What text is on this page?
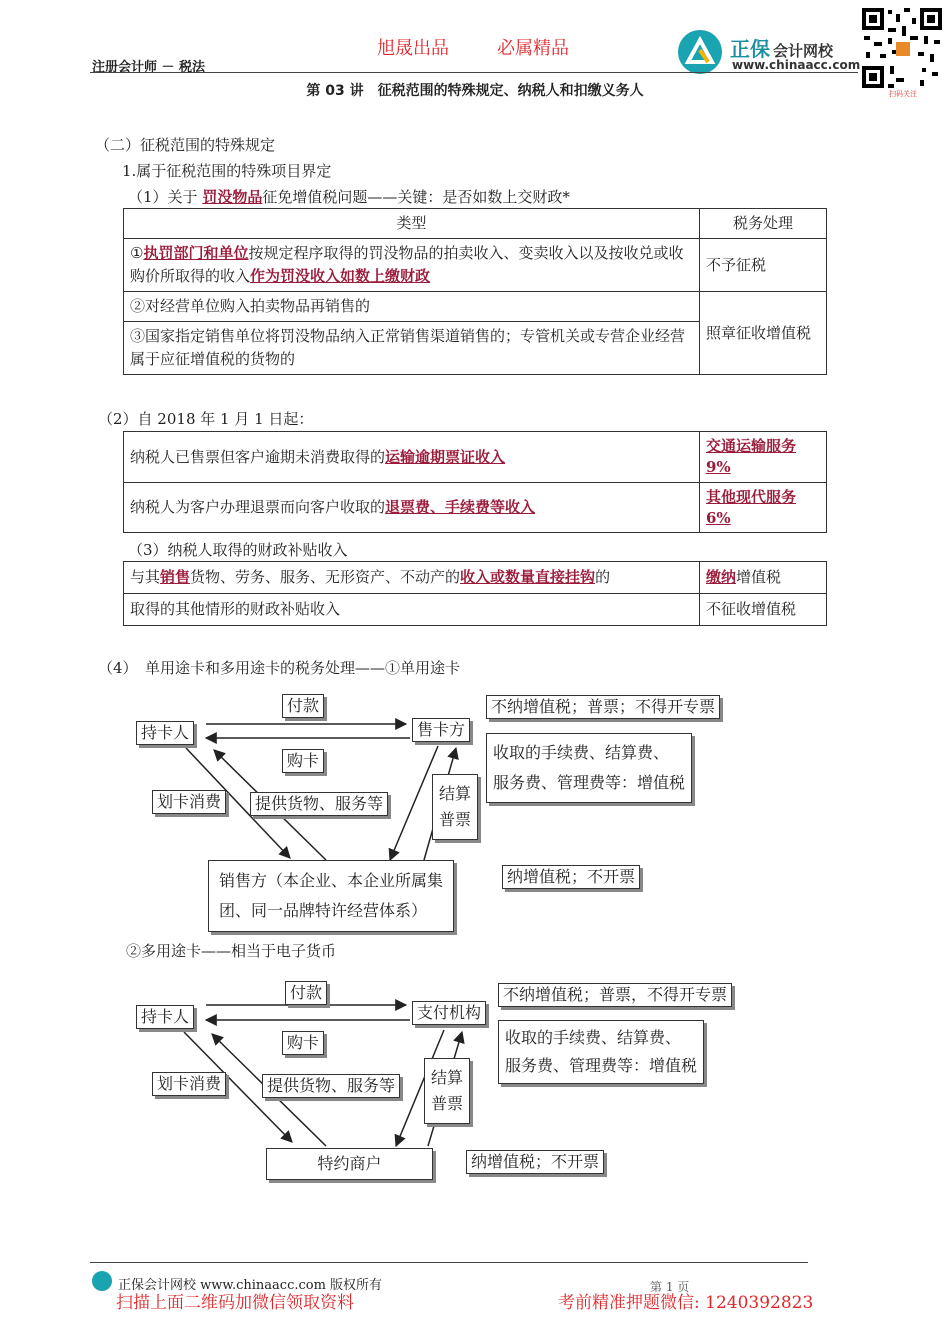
旭晟出品	必属精品
注册会计师 － 税法
正保 会计网校
www.chinaacc.com
扫码关注
第 03 讲　征税范围的特殊规定、纳税人和扣缴义务人
（二）征税范围的特殊规定
1.属于征税范围的特殊项目界定
（1）关于 罚没物品征免增值税问题——关键：是否如数上交财政*
类型	税务处理
①执罚部门和单位按规定程序取得的罚没物品的拍卖收入、变卖收入以及按收兑或收购价所取得的收入作为罚没收入如数上缴财政	不予征税
②对经营单位购入拍卖物品再销售的	照章征收增值税
③国家指定销售单位将罚没物品纳入正常销售渠道销售的；专管机关或专营企业经营属于应征增值税的货物的	
（2）自 2018 年 1 月 1 日起：
纳税人已售票但客户逾期未消费取得的运输逾期票证收入	交通运输服务9%
纳税人为客户办理退票而向客户收取的退票费、手续费等收入	其他现代服务6%
（3）纳税人取得的财政补贴收入
与其销售货物、劳务、服务、无形资产、不动产的收入或数量直接挂钩的	缴纳增值税
取得的其他情形的财政补贴收入	不征收增值税
（4）　单用途卡和多用途卡的税务处理——①单用途卡
持卡人	售卡方
付款
购卡
划卡消费	提供货物、服务等
结算
普票
不纳增值税；普票；不得开专票
收取的手续费、结算费、
服务费、管理费等：增值税
销售方（本企业、本企业所属集
团、同一品牌特许经营体系）
纳增值税；不开票
②多用途卡——相当于电子货币
持卡人	支付机构
付款
购卡
划卡消费	提供货物、服务等	结算
普票
不纳增值税；普票，不得开专票
收取的手续费、结算费、
服务费、管理费等：增值税
特约商户	纳增值税；不开票
正保会计网校 www.chinaacc.com 版权所有	第 1 页
扫描上面二维码加微信领取资料	考前精准押题微信: 1240392823
